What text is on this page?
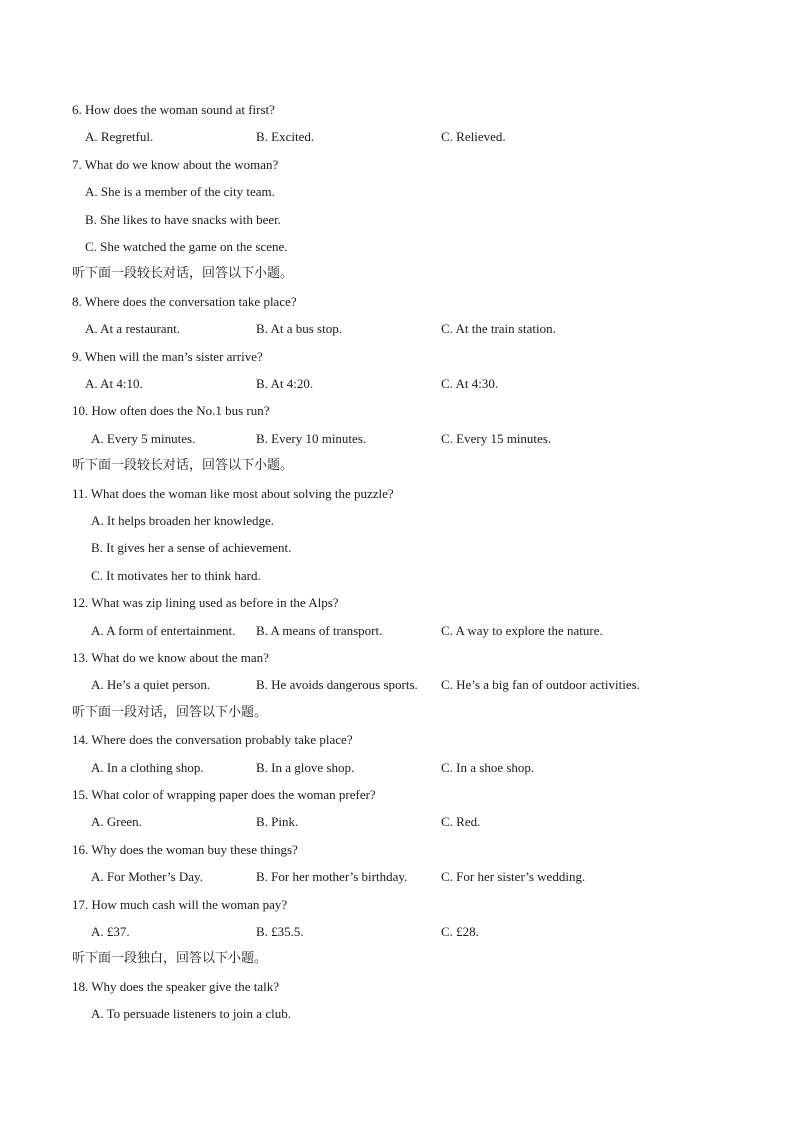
6. How does the woman sound at first?
A. Regretful.	B. Excited.	C. Relieved.
7. What do we know about the woman?
A. She is a member of the city team.
B. She likes to have snacks with beer.
C. She watched the game on the scene.
听下面一段较长对话，回答以下小题。
8. Where does the conversation take place?
A. At a restaurant.	B. At a bus stop.	C. At the train station.
9. When will the man’s sister arrive?
A. At 4:10.	B. At 4:20.	C. At 4:30.
10. How often does the No.1 bus run?
A. Every 5 minutes.	B. Every 10 minutes.	C. Every 15 minutes.
听下面一段较长对话，回答以下小题。
11. What does the woman like most about solving the puzzle?
A. It helps broaden her knowledge.
B. It gives her a sense of achievement.
C. It motivates her to think hard.
12. What was zip lining used as before in the Alps?
A. A form of entertainment. B. A means of transport.	C. A way to explore the nature.
13. What do we know about the man?
A. He’s a quiet person.	B. He avoids dangerous sports. C. He’s a big fan of outdoor activities.
听下面一段对话，回答以下小题。
14. Where does the conversation probably take place?
A. In a clothing shop.	B. In a glove shop.	C. In a shoe shop.
15. What color of wrapping paper does the woman prefer?
A. Green.	B. Pink.	C. Red.
16. Why does the woman buy these things?
A. For Mother’s Day.	B. For her mother’s birthday.	C. For her sister’s wedding.
17. How much cash will the woman pay?
A. £37.	B. £35.5.	C. £28.
听下面一段独白，回答以下小题。
18. Why does the speaker give the talk?
A. To persuade listeners to join a club.
